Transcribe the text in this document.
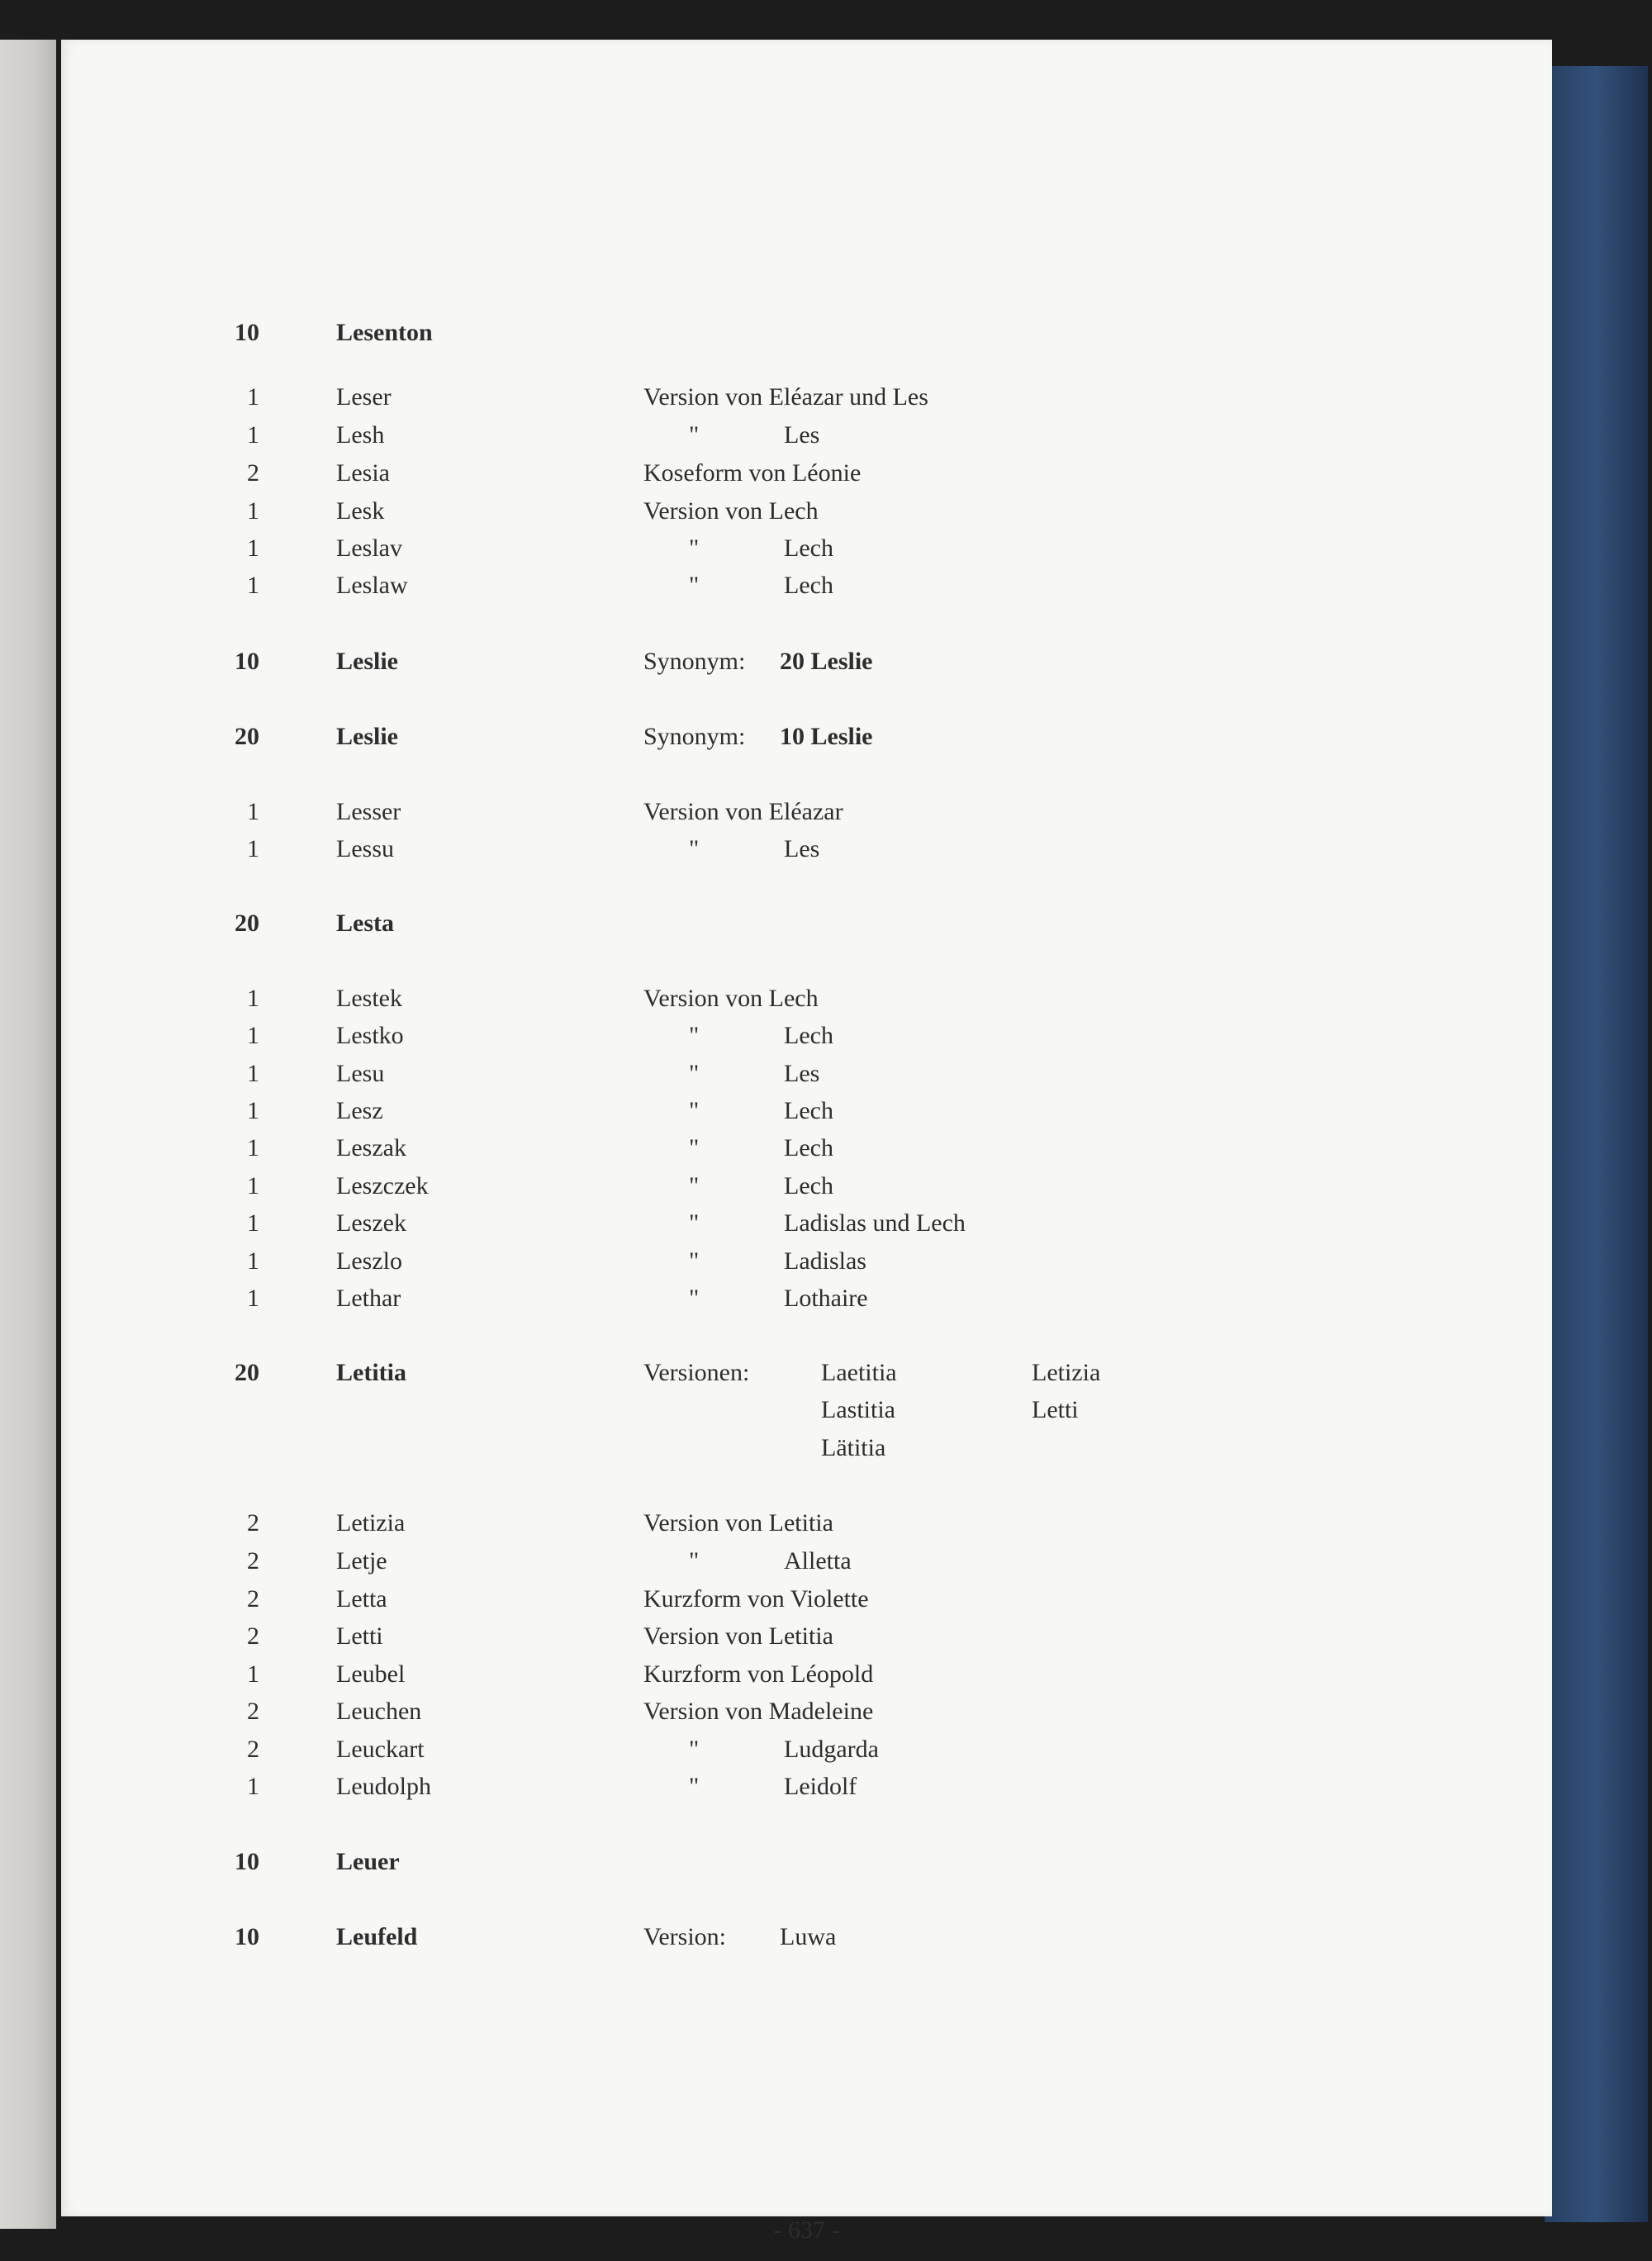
10	Lesenton
1	Leser	Version von Eléazar und Les
1	Lesh	"	Les
2	Lesia	Koseform von Léonie
1	Lesk	Version von Lech
1	Leslav	"	Lech
1	Leslaw	"	Lech
10	Leslie	Synonym: 20 Leslie
20	Leslie	Synonym: 10 Leslie
1	Lesser	Version von Eléazar
1	Lessu	"	Les
20	Lesta
1	Lestek	Version von Lech
1	Lestko	"	Lech
1	Lesu	"	Les
1	Lesz	"	Lech
1	Leszak	"	Lech
1	Leszczek	"	Lech
1	Leszek	"	Ladislas und Lech
1	Leszlo	"	Ladislas
1	Lethar	"	Lothaire
20	Letitia	Versionen:	Laetitia	Letizia
Lastitia	Letti
Lätitia
2	Letizia	Version von Letitia
2	Letje	"	Alletta
2	Letta	Kurzform von Violette
2	Letti	Version von Letitia
1	Leubel	Kurzform von Léopold
2	Leuchen	Version von Madeleine
2	Leuckart	"	Ludgarda
1	Leudolph	"	Leidolf
10	Leuer
10	Leufeld	Version: Luwa
- 637 -
